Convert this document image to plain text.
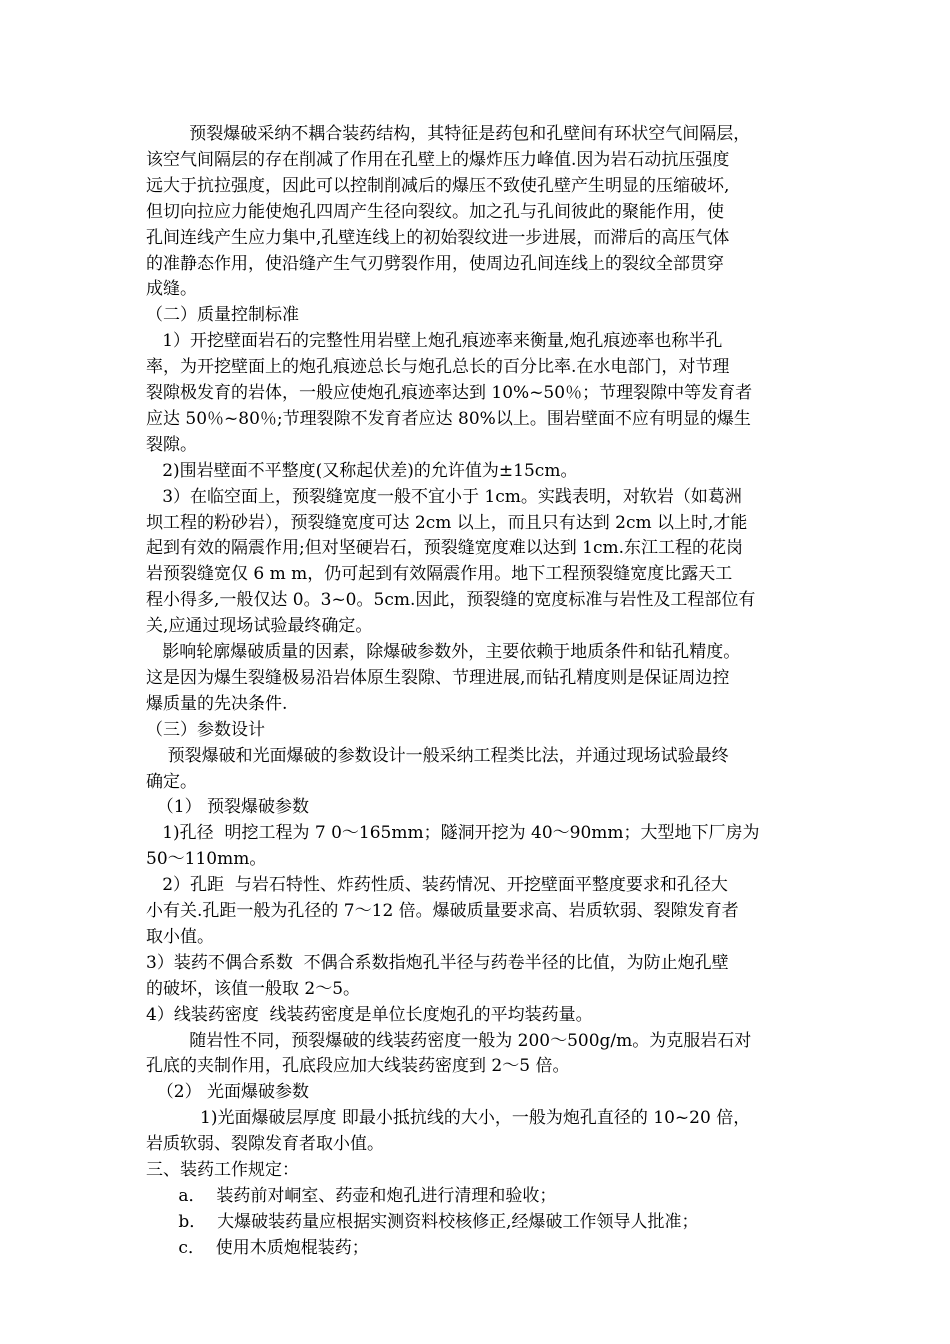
预裂爆破采纳不耦合装药结构，其特征是药包和孔壁间有环状空气间隔层，
该空气间隔层的存在削减了作用在孔壁上的爆炸压力峰值.因为岩石动抗压强度
远大于抗拉强度，因此可以控制削减后的爆压不致使孔壁产生明显的压缩破坏,
但切向拉应力能使炮孔四周产生径向裂纹。加之孔与孔间彼此的聚能作用，使
孔间连线产生应力集中,孔壁连线上的初始裂纹进一步进展，而滞后的高压气体
的准静态作用，使沿缝产生气刃劈裂作用，使周边孔间连线上的裂纹全部贯穿
成缝。
（二）质量控制标准
1）开挖壁面岩石的完整性用岩壁上炮孔痕迹率来衡量,炮孔痕迹率也称半孔
率，为开挖壁面上的炮孔痕迹总长与炮孔总长的百分比率.在水电部门，对节理
裂隙极发育的岩体，一般应使炮孔痕迹率达到 10%~50％；节理裂隙中等发育者
应达 50％~80％;节理裂隙不发育者应达 80%以上。围岩壁面不应有明显的爆生
裂隙。
2)围岩壁面不平整度(又称起伏差)的允许值为±15cm。
3）在临空面上，预裂缝宽度一般不宜小于 1cm。实践表明，对软岩（如葛洲
坝工程的粉砂岩），预裂缝宽度可达 2cm 以上，而且只有达到 2cm 以上时,才能
起到有效的隔震作用;但对坚硬岩石，预裂缝宽度难以达到 1cm.东江工程的花岗
岩预裂缝宽仅 6 m m，仍可起到有效隔震作用。地下工程预裂缝宽度比露天工
程小得多,一般仅达 0。3~0。5cm.因此，预裂缝的宽度标准与岩性及工程部位有
关,应通过现场试验最终确定。
影响轮廓爆破质量的因素，除爆破参数外，主要依赖于地质条件和钻孔精度。
这是因为爆生裂缝极易沿岩体原生裂隙、节理进展,而钻孔精度则是保证周边控
爆质量的先决条件.
（三）参数设计
预裂爆破和光面爆破的参数设计一般采纳工程类比法，并通过现场试验最终
确定。
（1） 预裂爆破参数
1)孔径  明挖工程为 7 0～165mm；隧洞开挖为 40～90mm；大型地下厂房为
50～110mm。
2）孔距  与岩石特性、炸药性质、装药情况、开挖壁面平整度要求和孔径大
小有关.孔距一般为孔径的 7～12 倍。爆破质量要求高、岩质软弱、裂隙发育者
取小值。
3）装药不偶合系数  不偶合系数指炮孔半径与药卷半径的比值，为防止炮孔壁
的破坏，该值一般取 2～5。
4）线装药密度  线装药密度是单位长度炮孔的平均装药量。
随岩性不同，预裂爆破的线装药密度一般为 200～500g/m。为克服岩石对
孔底的夹制作用，孔底段应加大线装药密度到 2～5 倍。
（2） 光面爆破参数
1)光面爆破层厚度 即最小抵抗线的大小，一般为炮孔直径的 10~20 倍，
岩质软弱、裂隙发育者取小值。
三、装药工作规定：
a．  装药前对峒室、药壶和炮孔进行清理和验收；
b．  大爆破装药量应根据实测资料校核修正,经爆破工作领导人批准；
c．  使用木质炮棍装药；
